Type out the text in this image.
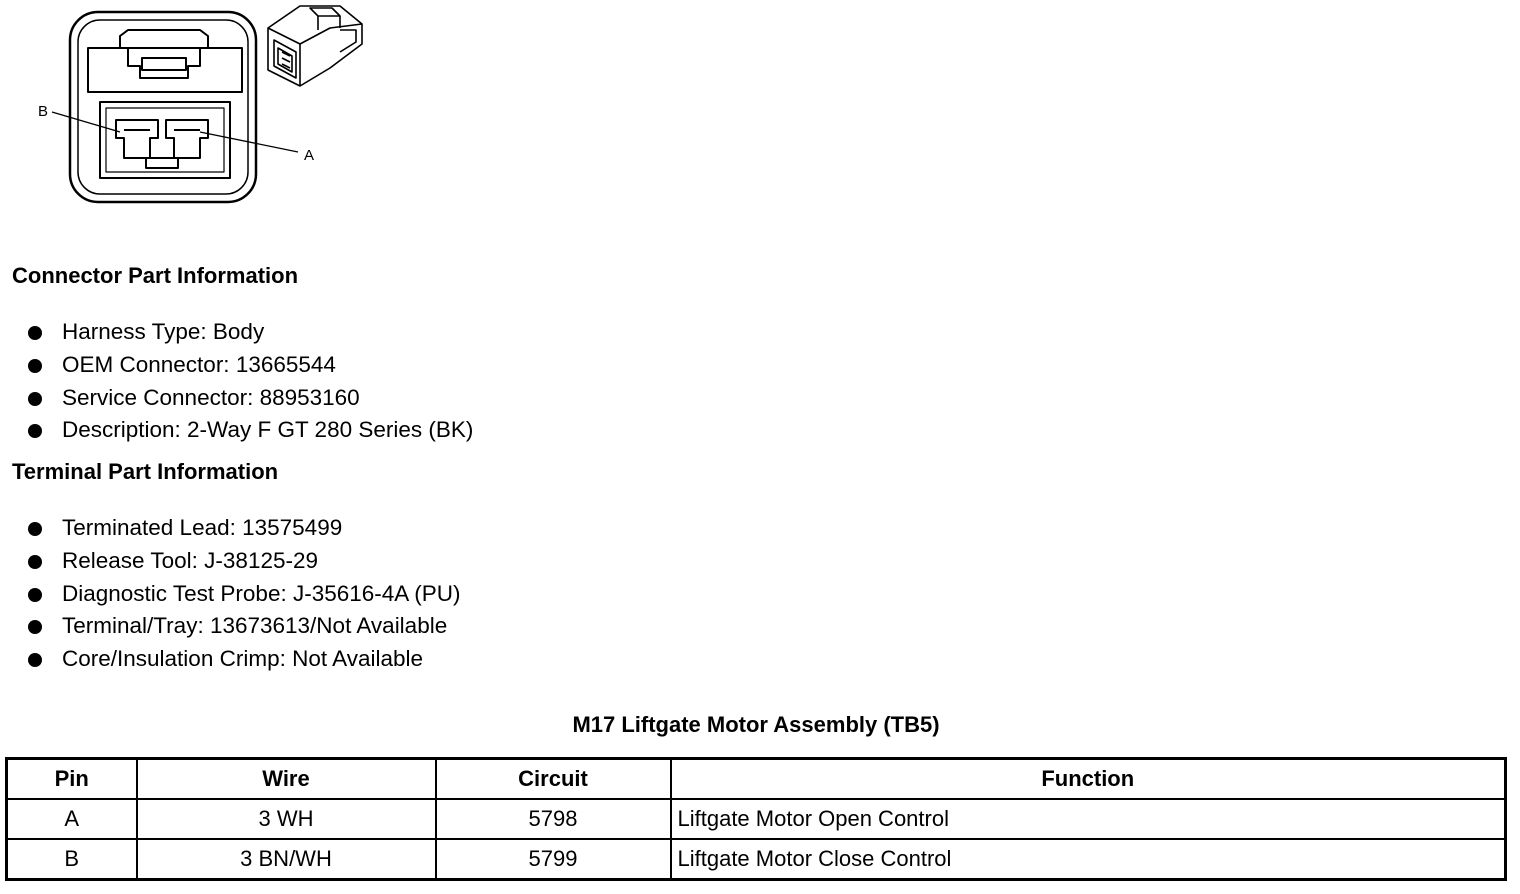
B
A
Connector Part Information
Harness Type: Body
OEM Connector: 13665544
Service Connector: 88953160
Description: 2-Way F GT 280 Series (BK)
Terminal Part Information
Terminated Lead: 13575499
Release Tool: J-38125-29
Diagnostic Test Probe: J-35616-4A (PU)
Terminal/Tray: 13673613/Not Available
Core/Insulation Crimp: Not Available
M17 Liftgate Motor Assembly (TB5)
Pin	Wire	Circuit	Function
A	3 WH	5798	Liftgate Motor Open Control
B	3 BN/WH	5799	Liftgate Motor Close Control
